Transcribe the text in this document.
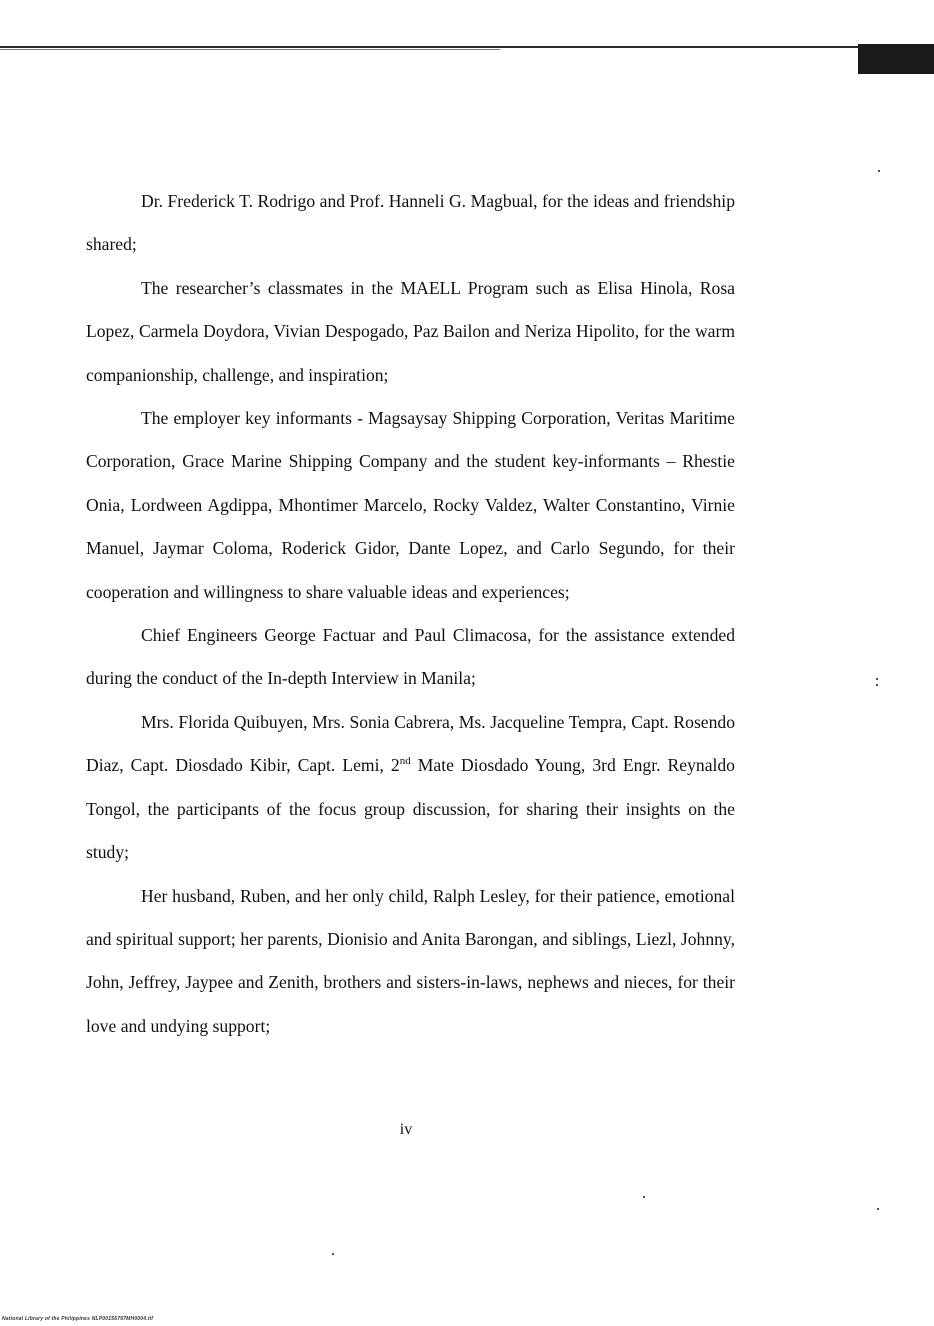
Dr. Frederick T. Rodrigo and Prof. Hanneli G. Magbual, for the ideas and friendship shared;

The researcher’s classmates in the MAELL Program such as Elisa Hinola, Rosa Lopez, Carmela Doydora, Vivian Despogado, Paz Bailon and Neriza Hipolito, for the warm companionship, challenge, and inspiration;

The employer key informants - Magsaysay Shipping Corporation, Veritas Maritime Corporation, Grace Marine Shipping Company and the student key-informants – Rhestie Onia, Lordween Agdippa, Mhontimer Marcelo, Rocky Valdez, Walter Constantino, Virnie Manuel, Jaymar Coloma, Roderick Gidor, Dante Lopez, and Carlo Segundo, for their cooperation and willingness to share valuable ideas and experiences;

Chief Engineers George Factuar and Paul Climacosa, for the assistance extended during the conduct of the In-depth Interview in Manila;

Mrs. Florida Quibuyen, Mrs. Sonia Cabrera, Ms. Jacqueline Tempra, Capt. Rosendo Diaz, Capt. Diosdado Kibir, Capt. Lemi, 2nd Mate Diosdado Young, 3rd Engr. Reynaldo Tongol, the participants of the focus group discussion, for sharing their insights on the study;

Her husband, Ruben, and her only child, Ralph Lesley, for their patience, emotional and spiritual support; her parents, Dionisio and Anita Barongan, and siblings, Liezl, Johnny, John, Jeffrey, Jaypee and Zenith, brothers and sisters-in-laws, nephews and nieces, for their love and undying support;

iv
National Library of the Philippines NLP00156767MH0004.tif
